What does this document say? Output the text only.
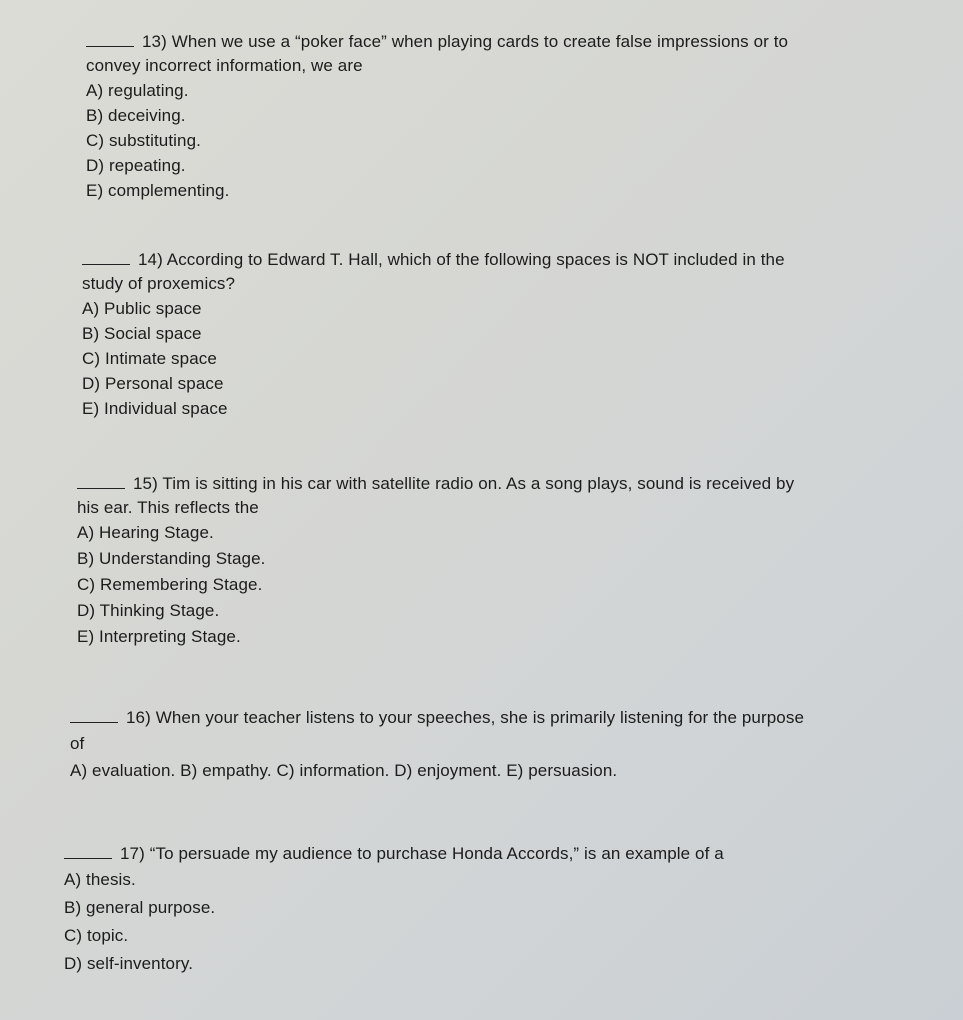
13) When we use a “poker face” when playing cards to create false impressions or to
convey incorrect information, we are
A) regulating.
B) deceiving.
C) substituting.
D) repeating.
E) complementing.
14) According to Edward T. Hall, which of the following spaces is NOT included in the
study of proxemics?
A) Public space
B) Social space
C) Intimate space
D) Personal space
E) Individual space
15) Tim is sitting in his car with satellite radio on. As a song plays, sound is received by
his ear. This reflects the
A) Hearing Stage.
B) Understanding Stage.
C) Remembering Stage.
D) Thinking Stage.
E) Interpreting Stage.
16) When your teacher listens to your speeches, she is primarily listening for the purpose
of
A) evaluation. B) empathy. C) information. D) enjoyment. E) persuasion.
17) “To persuade my audience to purchase Honda Accords,” is an example of a
A) thesis.
B) general purpose.
C) topic.
D) self-inventory.
